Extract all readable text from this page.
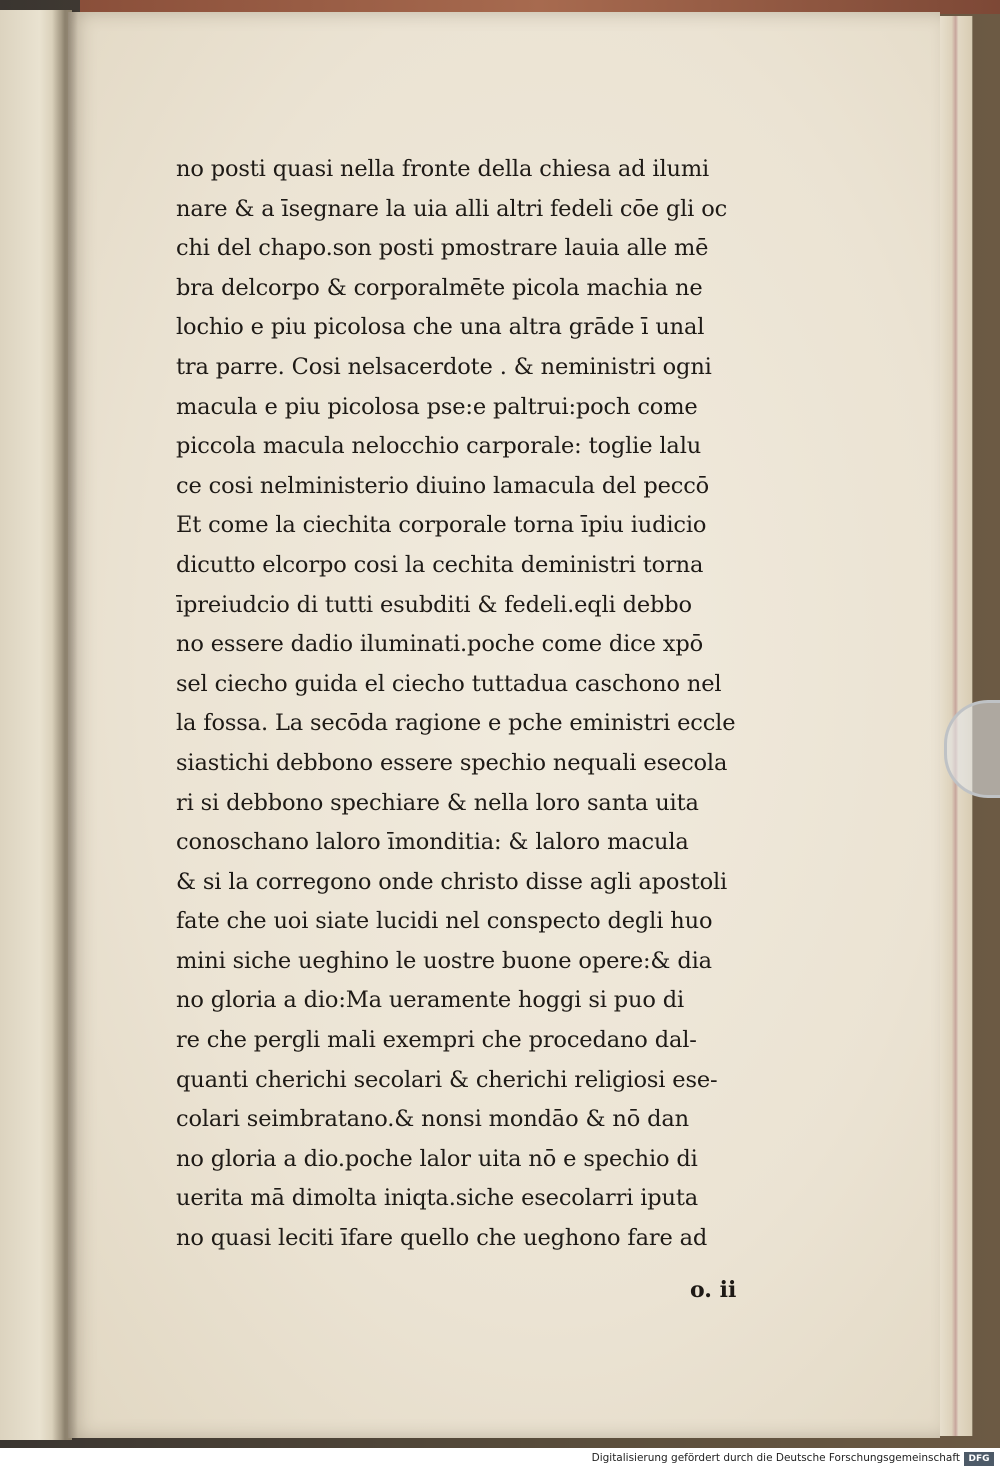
no posti quasi nella fronte della chiesa ad ilumi
nare & a īsegnare la uia alli altri fedeli cōe gli oc
chi del chapo.son posti pmostrare lauia alle mē
bra delcorpo & corporalmēte picola machia ne
lochio e piu picolosa che una altra grāde ī unal
tra parre. Cosi nelsacerdote . & neministri ogni
macula e piu picolosa pse:e paltrui:poch come
piccola macula nelocchio carporale: toglie lalu
ce cosi nelministerio diuino lamacula del peccō
Et come la ciechita corporale torna īpiu iudicio
dicutto elcorpo cosi la cechita deministri torna
īpreiudcio di tutti esubditi & fedeli.eqli debbo
no essere dadio iluminati.poche come dice xpō
sel ciecho guida el ciecho tuttadua caschono nel
la fossa. La secōda ragione e pche eministri eccle
siastichi debbono essere spechio nequali esecola
ri si debbono spechiare & nella loro santa uita
conoschano laloro īmonditia: & laloro macula
& si la corregono onde christo disse agli apostoli
fate che uoi siate lucidi nel conspecto degli huo
mini siche ueghino le uostre buone opere:& dia
no gloria a dio:Ma ueramente hoggi si puo di
re che pergli mali exempri che procedano dal-
quanti cherichi secolari & cherichi religiosi ese-
colari seimbratano.& nonsi mondāo & nō dan
no gloria a dio.poche lalor uita nō e spechio di
uerita mā dimolta iniqta.siche esecolarri iputa
no quasi leciti īfare quello che ueghono fare ad
o. ii
Digitalisierung gefördert durch die Deutsche Forschungsgemeinschaft DFG
